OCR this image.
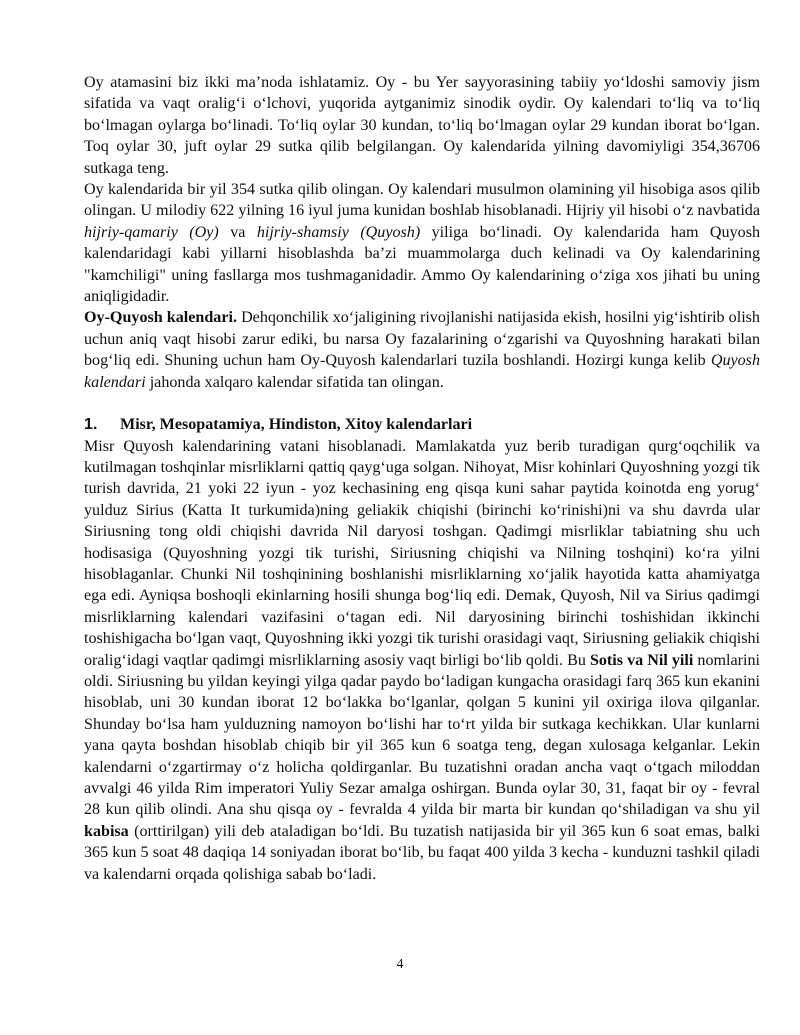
Oy atamasini biz ikki ma’noda ishlatamiz. Oy - bu Yer sayyorasining tabiiy yo‘ldoshi samoviy jism sifatida va vaqt oralig‘i o‘lchovi, yuqorida aytganimiz sinodik oydir. Oy kalendari to‘liq va to‘liq bo‘lmagan oylarga bo‘linadi. To‘liq oylar 30 kundan, to‘liq bo‘lmagan oylar 29 kundan iborat bo‘lgan. Toq oylar 30, juft oylar 29 sutka qilib belgilangan. Oy kalendarida yilning davomiyligi 354,36706 sutkaga teng.

Oy kalendarida bir yil 354 sutka qilib olingan. Oy kalendari musulmon olamining yil hisobiga asos qilib olingan. U milodiy 622 yilning 16 iyul juma kunidan boshlab hisoblanadi. Hijriy yil hisobi o‘z navbatida hijriy-qamariy (Oy) va hijriy-shamsiy (Quyosh) yiliga bo‘linadi. Oy kalendarida ham Quyosh kalendaridagi kabi yillarni hisoblashda ba’zi muammolarga duch kelinadi va Oy kalendarining "kamchiligi" uning fasllarga mos tushmaganidadir. Ammo Oy kalendarining o‘ziga xos jihati bu uning aniqligidadir.

Oy-Quyosh kalendari. Dehqonchilik xo‘jaligining rivojlanishi natijasida ekish, hosilni yig‘ishtirib olish uchun aniq vaqt hisobi zarur ediki, bu narsa Oy fazalarining o‘zgarishi va Quyoshning harakati bilan bog‘liq edi. Shuning uchun ham Oy-Quyosh kalendarlari tuzila boshlandi. Hozirgi kunga kelib Quyosh kalendari jahonda xalqaro kalendar sifatida tan olingan.

1.	Misr, Mesopatamiya, Hindiston, Xitoy kalendarlari

Misr Quyosh kalendarining vatani hisoblanadi. Mamlakatda yuz berib turadigan qurg‘oqchilik va kutilmagan toshqinlar misrliklarni qattiq qayg‘uga solgan. Nihoyat, Misr kohinlari Quyoshning yozgi tik turish davrida, 21 yoki 22 iyun - yoz kechasining eng qisqa kuni sahar paytida koinotda eng yorug‘ yulduz Sirius (Katta It turkumida)ning geliakik chiqishi (birinchi ko‘rinishi)ni va shu davrda ular Siriusning tong oldi chiqishi davrida Nil daryosi toshgan. Qadimgi misrliklar tabiatning shu uch hodisasiga (Quyoshning yozgi tik turishi, Siriusning chiqishi va Nilning toshqini) ko‘ra yilni hisoblaganlar. Chunki Nil toshqinining boshlanishi misrliklarning xo‘jalik hayotida katta ahamiyatga ega edi. Ayniqsa boshoqli ekinlarning hosili shunga bog‘liq edi. Demak, Quyosh, Nil va Sirius qadimgi misrliklarning kalendari vazifasini o‘tagan edi. Nil daryosining birinchi toshishidan ikkinchi toshishigacha bo‘lgan vaqt, Quyoshning ikki yozgi tik turishi orasidagi vaqt, Siriusning geliakik chiqishi oralig‘idagi vaqtlar qadimgi misrliklarning asosiy vaqt birligi bo‘lib qoldi. Bu Sotis va Nil yili nomlarini oldi. Siriusning bu yildan keyingi yilga qadar paydo bo‘ladigan kungacha orasidagi farq 365 kun ekanini hisoblab, uni 30 kundan iborat 12 bo‘lakka bo‘lganlar, qolgan 5 kunini yil oxiriga ilova qilganlar. Shunday bo‘lsa ham yulduzning namoyon bo‘lishi har to‘rt yilda bir sutkaga kechikkan. Ular kunlarni yana qayta boshdan hisoblab chiqib bir yil 365 kun 6 soatga teng, degan xulosaga kelganlar. Lekin kalendarni o‘zgartirmay o‘z holicha qoldirganlar. Bu tuzatishni oradan ancha vaqt o‘tgach miloddan avvalgi 46 yilda Rim imperatori Yuliy Sezar amalga oshirgan. Bunda oylar 30, 31, faqat bir oy - fevral 28 kun qilib olindi. Ana shu qisqa oy - fevralda 4 yilda bir marta bir kundan qo‘shiladigan va shu yil kabisa (orttirilgan) yili deb ataladigan bo‘ldi. Bu tuzatish natijasida bir yil 365 kun 6 soat emas, balki 365 kun 5 soat 48 daqiqa 14 soniyadan iborat bo‘lib, bu faqat 400 yilda 3 kecha - kunduzni tashkil qiladi va kalendarni orqada qolishiga sabab bo‘ladi.

4
